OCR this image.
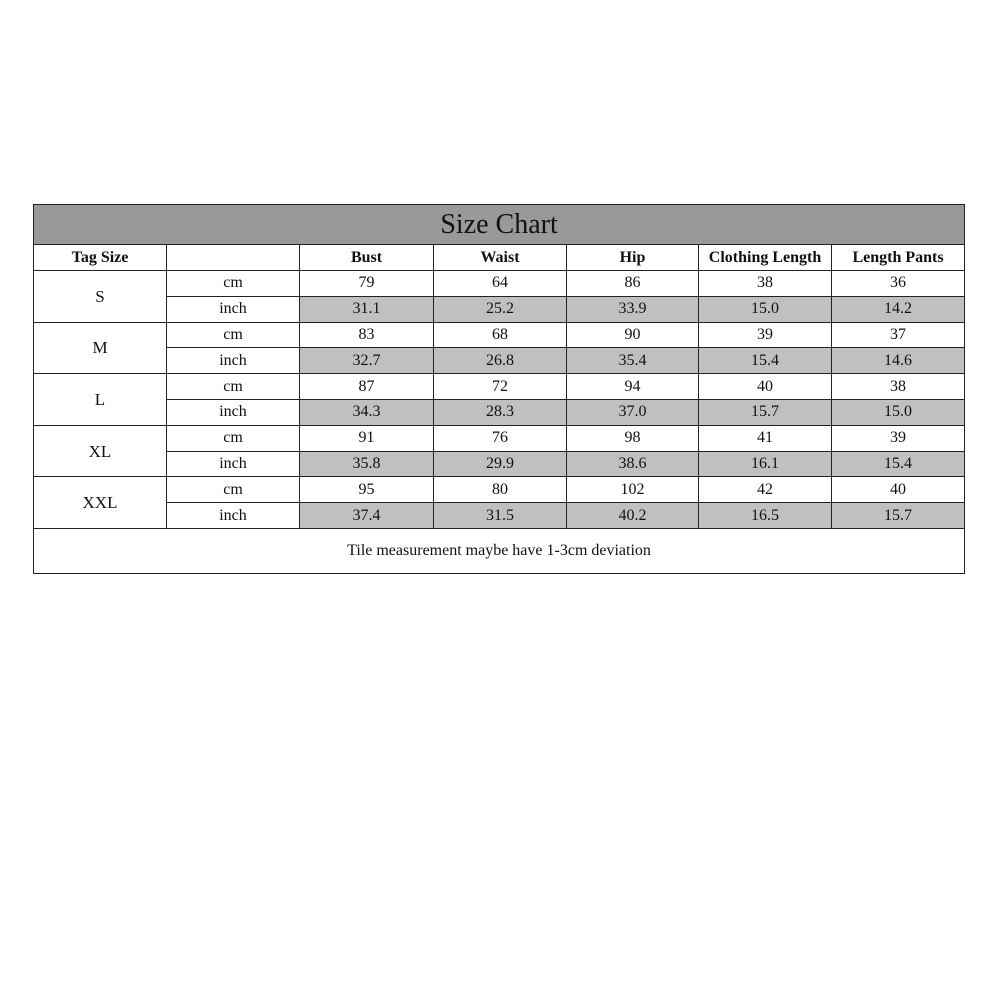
Size Chart						
Tag Size		Bust	Waist	Hip	Clothing Length	Length Pants
S	cm	79	64	86	38	36
	inch	31.1	25.2	33.9	15.0	14.2
M	cm	83	68	90	39	37
	inch	32.7	26.8	35.4	15.4	14.6
L	cm	87	72	94	40	38
	inch	34.3	28.3	37.0	15.7	15.0
XL	cm	91	76	98	41	39
	inch	35.8	29.9	38.6	16.1	15.4
XXL	cm	95	80	102	42	40
	inch	37.4	31.5	40.2	16.5	15.7
Tile measurement maybe have 1-3cm deviation						
